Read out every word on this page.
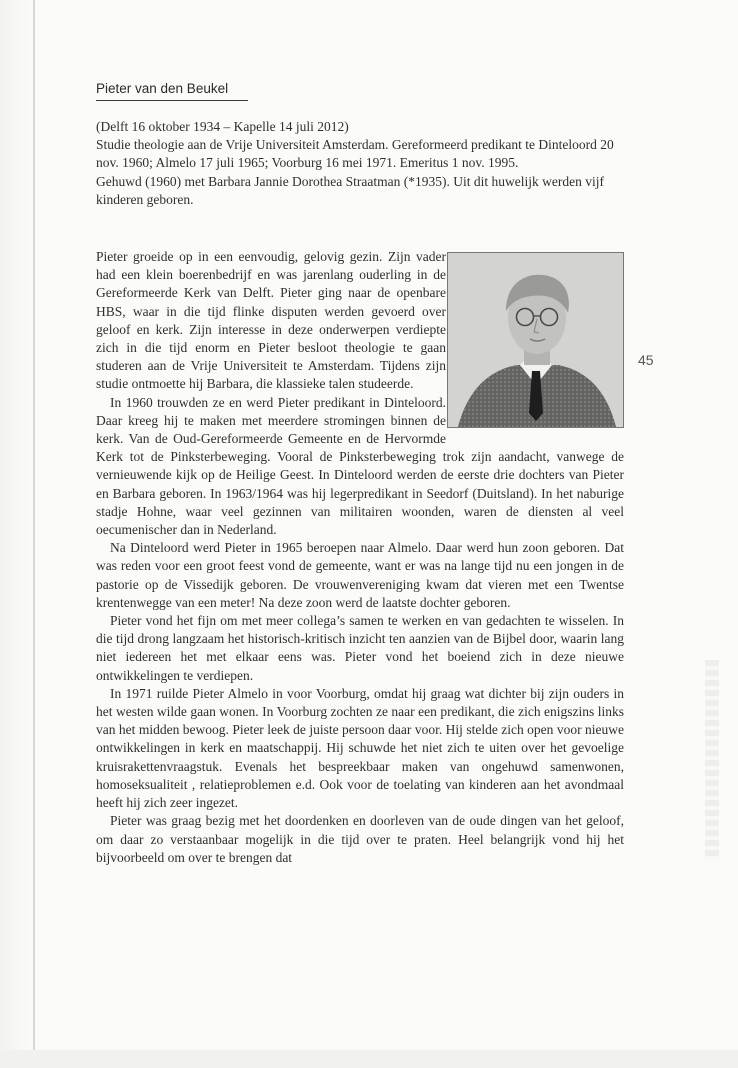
Pieter van den Beukel
45

(Delft 16 oktober 1934 – Kapelle 14 juli 2012)

Studie theologie aan de Vrije Universiteit Amsterdam. Gereformeerd predikant te Dinteloord 20 nov. 1960; Almelo 17 juli 1965; Voorburg 16 mei 1971. Emeritus 1 nov. 1995.

Gehuwd (1960) met Barbara Jannie Dorothea Straatman (*1935). Uit dit huwelijk werden vijf kinderen geboren.

Pieter groeide op in een eenvoudig, gelovig gezin. Zijn vader had een klein boerenbedrijf en was jarenlang ouderling in de Gereformeerde Kerk van Delft. Pieter ging naar de openbare HBS, waar in die tijd flinke disputen werden gevoerd over geloof en kerk. Zijn interesse in deze onderwerpen verdiepte zich in die tijd enorm en Pieter besloot theologie te gaan studeren aan de Vrije Universiteit te Amsterdam. Tijdens zijn studie ontmoette hij Barbara, die klassieke talen studeerde.

In 1960 trouwden ze en werd Pieter predikant in Dinteloord. Daar kreeg hij te maken met meerdere stromingen binnen de kerk. Van de Oud-Gereformeerde Gemeente en de Hervormde Kerk tot de Pinksterbeweging. Vooral de Pinksterbeweging trok zijn aandacht, vanwege de vernieuwende kijk op de Heilige Geest. In Dinteloord werden de eerste drie dochters van Pieter en Barbara geboren. In 1963/1964 was hij legerpredikant in Seedorf (Duitsland). In het naburige stadje Hohne, waar veel gezinnen van militairen woonden, waren de diensten al veel oecumenischer dan in Nederland.

Na Dinteloord werd Pieter in 1965 beroepen naar Almelo. Daar werd hun zoon geboren. Dat was reden voor een groot feest vond de gemeente, want er was na lange tijd nu een jongen in de pastorie op de Vissedijk geboren. De vrouwenvereniging kwam dat vieren met een Twentse krentenwegge van een meter! Na deze zoon werd de laatste dochter geboren.

Pieter vond het fijn om met meer collega’s samen te werken en van gedachten te wisselen. In die tijd drong langzaam het historisch-kritisch inzicht ten aanzien van de Bijbel door, waarin lang niet iedereen het met elkaar eens was. Pieter vond het boeiend zich in deze nieuwe ontwikkelingen te verdiepen.

In 1971 ruilde Pieter Almelo in voor Voorburg, omdat hij graag wat dichter bij zijn ouders in het westen wilde gaan wonen. In Voorburg zochten ze naar een predikant, die zich enigszins links van het midden bewoog. Pieter leek de juiste persoon daar voor. Hij stelde zich open voor nieuwe ontwikkelingen in kerk en maatschappij. Hij schuwde het niet zich te uiten over het gevoelige kruisrakettenvraagstuk. Evenals het bespreekbaar maken van ongehuwd samenwonen, homoseksualiteit , relatieproblemen e.d. Ook voor de toelating van kinderen aan het avondmaal heeft hij zich zeer ingezet.

Pieter was graag bezig met het doordenken en doorleven van de oude dingen van het geloof, om daar zo verstaanbaar mogelijk in die tijd over te praten. Heel belangrijk vond hij het bijvoorbeeld om over te brengen dat
